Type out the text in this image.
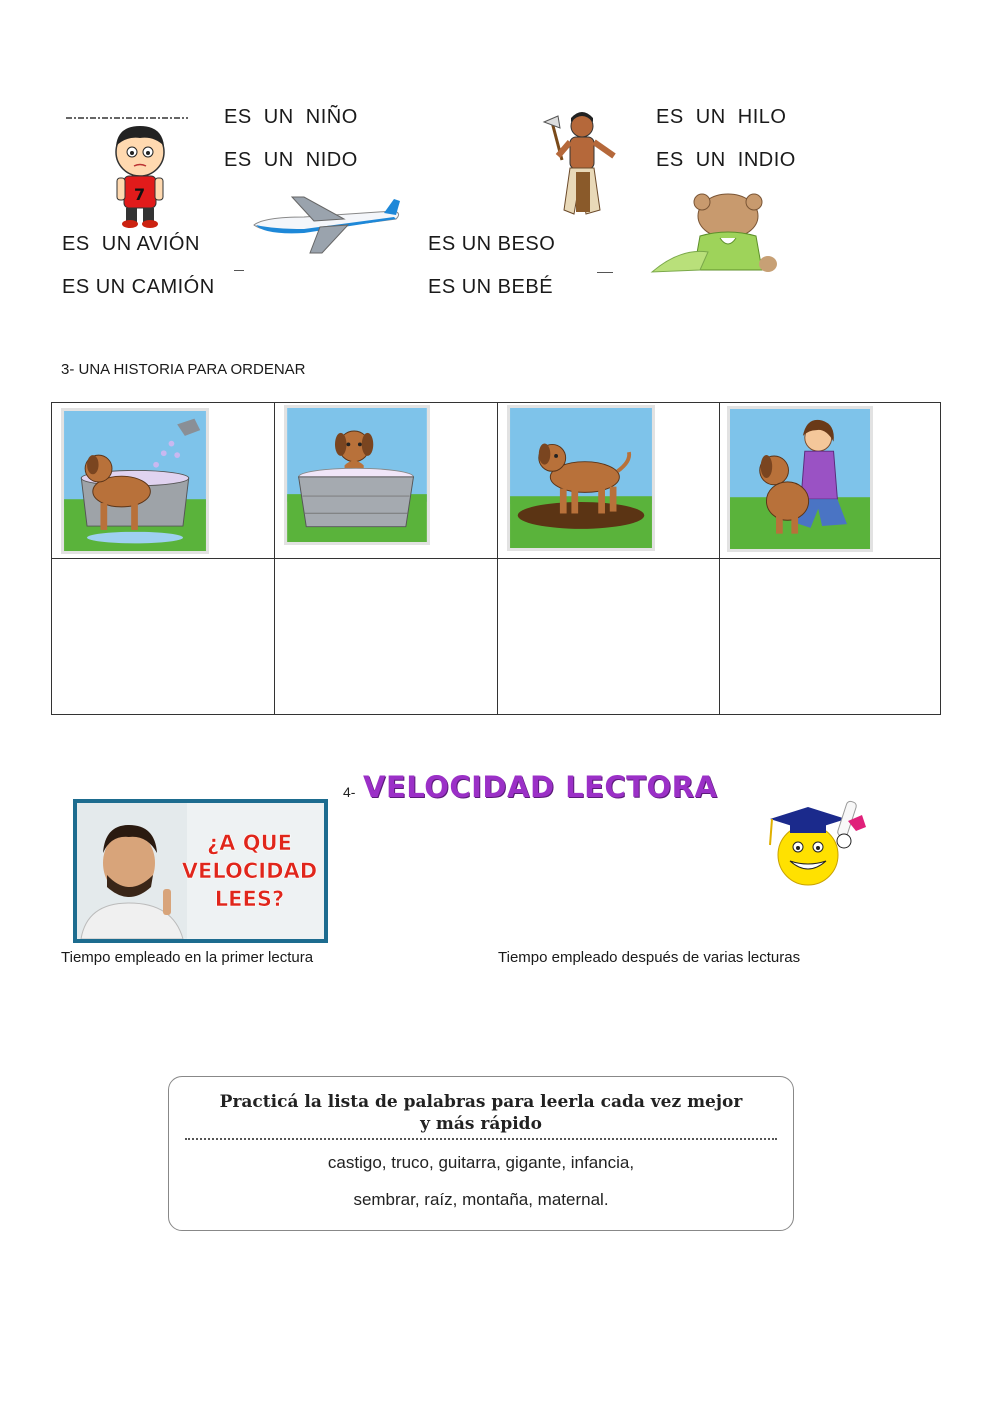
7
ES  UN  NIÑO
ES  UN  NIDO
ES  UN  HILO
ES  UN  INDIO
ES  UN AVIÓN
ES UN CAMIÓN
ES UN BESO
ES UN BEBÉ
3- UNA HISTORIA PARA ORDENAR
4- VELOCIDAD LECTORA
¿A QUE
VELOCIDAD
LEES?
Tiempo empleado en la primer lectura	Tiempo empleado después de varias lecturas
Practicá la lista de palabras para leerla cada vez mejor
y más rápido
castigo, truco, guitarra, gigante, infancia,
sembrar, raíz, montaña, maternal.
